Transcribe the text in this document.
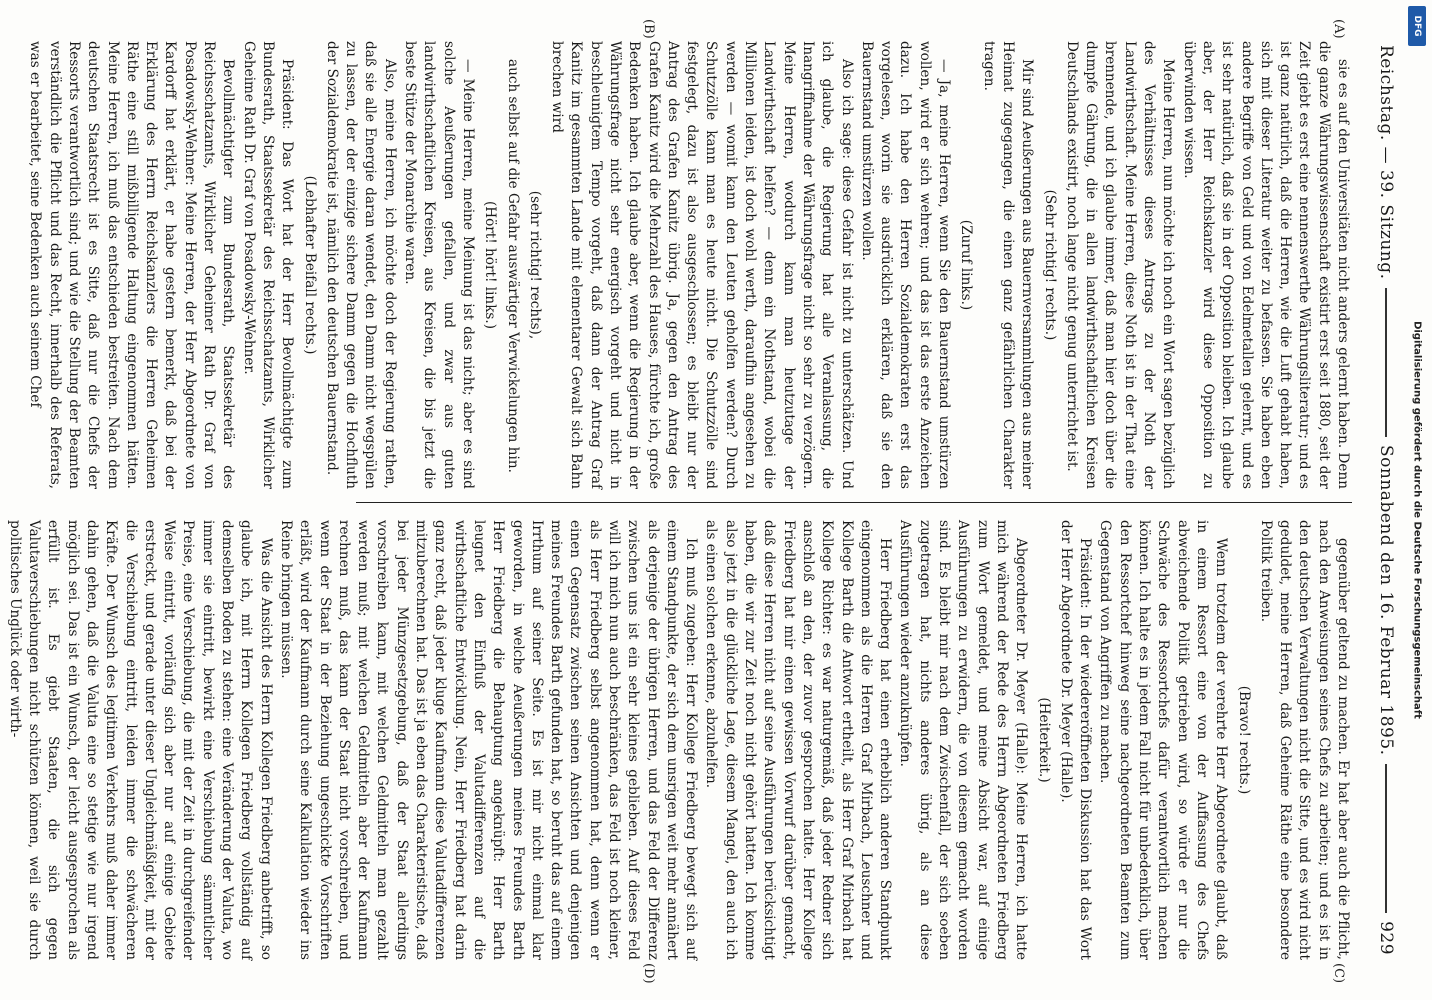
Reichstag. — 39. Sitzung.
Sonnabend den 16. Februar 1895.
929

sie es auf den Universitäten nicht anders gelernt haben. Denn die ganze Währungswissenschaft existirt erst seit 1880, seit der Zeit giebt es erst eine nennenswerthe Währungsliteratur; und es ist ganz natürlich, daß die Herren, wie die Luft gehabt haben, sich mit dieser Literatur weiter zu befassen. Sie haben eben andere Begriffe von Geld und von Edelmetallen gelernt, und es ist sehr natürlich, daß sie in der Opposition bleiben. Ich glaube aber, der Herr Reichskanzler wird diese Opposition zu überwinden wissen.

Meine Herren, nun möchte ich noch ein Wort sagen bezüglich des Verhältnisses dieses Antrags zu der Noth der Landwirthschaft. Meine Herren, diese Noth ist in der That eine brennende, und ich glaube immer, daß man hier doch über die dumpfe Gährung, die in allen landwirthschaftlichen Kreisen Deutschlands existirt, noch lange nicht genug unterrichtet ist.

(Sehr richtig! rechts.)

Mir sind Aeußerungen aus Bauernversammlungen aus meiner Heimat zugegangen, die einen ganz gefährlichen Charakter tragen.

(Zuruf links.)

— Ja, meine Herren, wenn Sie den Bauernstand umstürzen wollen, wird er sich wehren; und das ist das erste Anzeichen dazu. Ich habe den Herren Sozialdemokraten erst das vorgelesen, worin sie ausdrücklich erklären, daß sie den Bauernstand umstürzen wollen.

Also ich sage: diese Gefahr ist nicht zu unterschätzen. Und ich glaube, die Regierung hat alle Veranlassung, die Inangriffnahme der Währungsfrage nicht so sehr zu verzögern. Meine Herren, wodurch kann man heutzutage der Landwirthschaft helfen? — denn ein Nothstand, wobei die Millionen leiden, ist doch wohl werth, daraufhin angesehen zu werden — womit kann den Leuten geholfen werden? Durch Schutzzölle kann man es heute nicht. Die Schutzzölle sind festgelegt, dazu ist also ausgeschlossen; es bleibt nur der Antrag des Grafen Kanitz übrig. Ja, gegen den Antrag des Grafen Kanitz wird die Mehrzahl des Hauses, fürchte ich, große Bedenken haben. Ich glaube aber, wenn die Regierung in der Währungsfrage nicht sehr energisch vorgeht und nicht in beschleunigtem Tempo vorgeht, daß dann der Antrag Graf Kanitz im gesammten Lande mit elementarer Gewalt sich Bahn brechen wird

(sehr richtig! rechts),

auch selbst auf die Gefahr auswärtiger Verwickelungen hin.

(Hört! hört! links.)

— Meine Herren, meine Meinung ist das nicht; aber es sind solche Aeußerungen gefallen, und zwar aus guten landwirthschaftlichen Kreisen, aus Kreisen, die bis jetzt die beste Stütze der Monarchie waren.

Also, meine Herren, ich möchte doch der Regierung rathen, daß sie alle Energie daran wendet, den Damm nicht wegspülen zu lassen, der der einzige sichere Damm gegen die Hochfluth der Sozialdemokratie ist, nämlich den deutschen Bauernstand.

(Lebhafter Beifall rechts.)

Präsident: Das Wort hat der Herr Bevollmächtigte zum Bundesrath, Staatssekretär des Reichsschatzamts, Wirklicher Geheime Rath Dr. Graf von Posadowsky-Wehner.

Bevollmächtigter zum Bundesrath, Staatssekretär des Reichsschatzamts, Wirklicher Geheimer Rath Dr. Graf von Posadowsky-Wehner: Meine Herren, der Herr Abgeordnete von Kardorff hat erklärt, er habe gestern bemerkt, daß bei der Erklärung des Herrn Reichskanzlers die Herren Geheimen Räthe eine still mißbilligende Haltung eingenommen hätten. Meine Herren, ich muß das entschieden bestreiten. Nach dem deutschen Staatsrecht ist es Sitte, daß nur die Chefs der Ressorts verantwortlich sind; und wie die Stellung der Beamten verständlich die Pflicht und das Recht, innerhalb des Referats, was er bearbeitet, seine Bedenken auch seinem Chef

gegenüber geltend zu machen. Er hat aber auch die Pflicht, nach den Anweisungen seines Chefs zu arbeiten; und es ist in den deutschen Verwaltungen nicht die Sitte, und es wird nicht geduldet, meine Herren, daß Geheime Räthe eine besondere Politik treiben.

(Bravo! rechts.)

Wenn trotzdem der verehrte Herr Abgeordnete glaubt, daß in einem Ressort eine von der Auffassung des Chefs abweichende Politik getrieben wird, so würde er nur die Schwäche des Ressortchefs dafür verantwortlich machen können. Ich halte es in jedem Fall nicht für unbedenklich, über den Ressortchef hinweg seine nachgeordneten Beamten zum Gegenstand von Angriffen zu machen.

Präsident: In der wiedereröffneten Diskussion hat das Wort der Herr Abgeordnete Dr. Meyer (Halle).

(Heiterkeit.)

Abgeordneter Dr. Meyer (Halle): Meine Herren, ich hatte mich während der Rede des Herrn Abgeordneten Friedberg zum Wort gemeldet, und meine Absicht war, auf einige Ausführungen zu erwidern, die von diesem gemacht worden sind. Es bleibt mir nach dem Zwischenfall, der sich soeben zugetragen hat, nichts anderes übrig, als an diese Ausführungen wieder anzuknüpfen.

Herr Friedberg hat einen erheblich anderen Standpunkt eingenommen als die Herren Graf Mirbach, Leuschner und Kollege Barth die Antwort ertheilt, als Herr Graf Mirbach hat Kollege Richter: es war naturgemäß, daß jeder Redner sich anschloß an den, der zuvor gesprochen hatte. Herr Kollege Friedberg hat mir einen gewissen Vorwurf darüber gemacht, daß diese Herren nicht auf seine Ausführungen berücksichtigt haben, die wir zur Zeit noch nicht gehört hatten. Ich komme also jetzt in die glückliche Lage, diesem Mangel, den auch ich als einen solchen erkenne, abzuhelfen.

Ich muß zugeben: Herr Kollege Friedberg bewegt sich auf einem Standpunkte, der sich dem unsrigen weit mehr annähert als derjenige der übrigen Herren, und das Feld der Differenz zwischen uns ist ein sehr kleines geblieben. Auf dieses Feld will ich mich nun auch beschränken, das Feld ist noch kleiner, als Herr Friedberg selbst angenommen hat, denn wenn er einen Gegensatz zwischen seinen Ansichten und denjenigen meines Freundes Barth gefunden hat, so beruht das auf einem Irrthum auf seiner Seite. Es ist mir nicht einmal klar geworden, in welche Aeußerungen meines Freundes Barth Herr Friedberg die Behauptung angeknüpft: Herr Barth leugnet den Einfluß der Valutadifferenzen auf die wirthschaftliche Entwicklung. Nein, Herr Friedberg hat darin ganz recht, daß jeder kluge Kaufmann diese Valutadifferenzen mitzuberechnen hat. Das ist ja eben das Charakteristische, daß bei jeder Münzgesetzgebung, daß der Staat allerdings vorschreiben kann, mit welchen Geldmitteln man gezahlt werden muß; mit welchen Geldmitteln aber der Kaufmann rechnen muß, das kann der Staat nicht vorschreiben, und wenn der Staat in der Beziehung ungeschickte Vorschriften erläßt, wird der Kaufmann durch seine Kalkulation wieder ins Reine bringen müssen.

Was die Ansicht des Herrn Kollegen Friedberg anbetrifft, so glaube ich, mit Herrn Kollegen Friedberg vollständig auf demselben Boden zu stehen: eine Veränderung der Valuta, wo immer sie eintritt, bewirkt eine Verschiebung sämmtlicher Preise, eine Verschiebung, die mit der Zeit in durchgreifender Weise eintritt, vorläufig sich aber nur auf einige Gebiete erstreckt, und gerade unter dieser Ungleichmäßigkeit, mit der die Verschiebung eintritt, leiden immer die schwächeren Kräfte. Der Wunsch des legitimen Verkehrs muß daher immer dahin gehen, daß die Valuta eine so stetige wie nur irgend möglich sei. Das ist ein Wunsch, der leicht ausgesprochen als erfüllt ist. Es giebt Staaten, die sich gegen Valutaverschiebungen nicht schützen können, weil sie durch politisches Unglück oder wirth-

(A)
(B)
(C)
(D)
DFG
Digitalisierung gefördert durch die Deutsche Forschungsgemeinschaft
